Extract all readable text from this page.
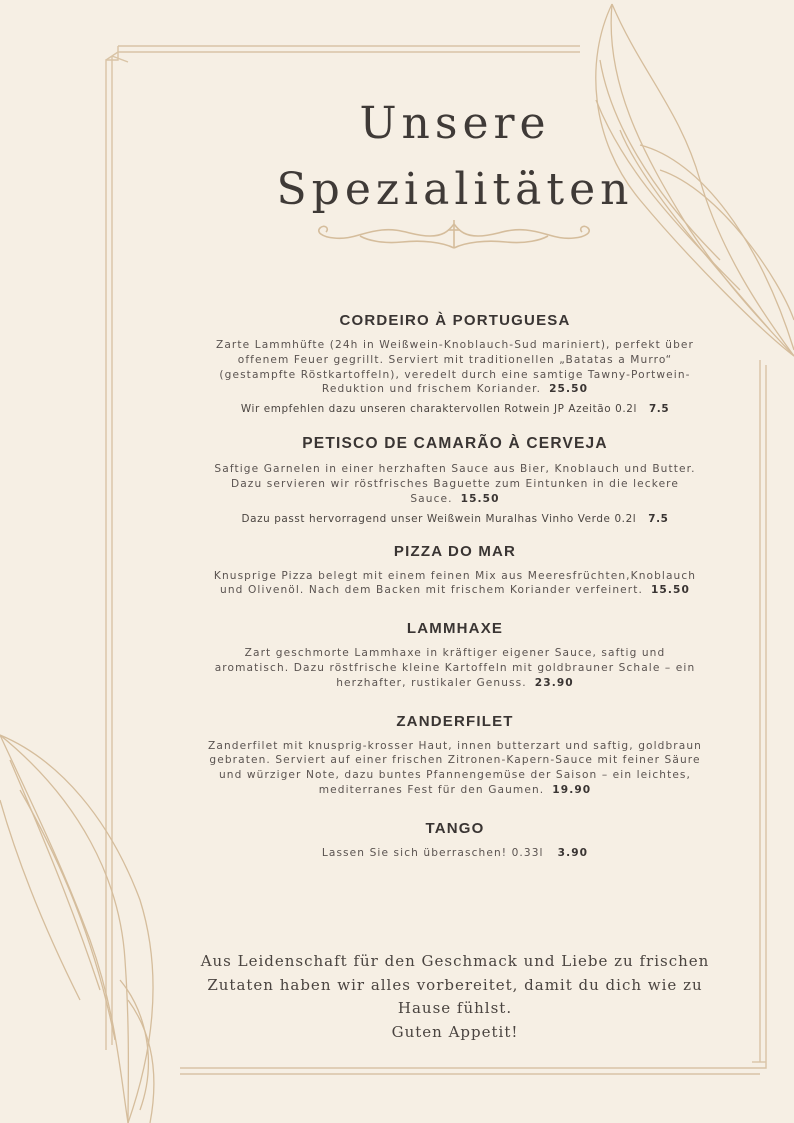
Unsere
Spezialitäten
CORDEIRO À PORTUGUESA

Zarte Lammhüfte (24h in Weißwein-Knoblauch-Sud mariniert), perfekt über offenem Feuer gegrillt. Serviert mit traditionellen „Batatas a Murro“ (gestampfte Röstkartoffeln), veredelt durch eine samtige Tawny-Portwein-Reduktion und frischem Koriander. 25.50

Wir empfehlen dazu unseren charaktervollen Rotwein JP Azeitão 0.2l 7.5

PETISCO DE CAMARÃO À CERVEJA

Saftige Garnelen in einer herzhaften Sauce aus Bier, Knoblauch und Butter. Dazu servieren wir röstfrisches Baguette zum Eintunken in die leckere Sauce. 15.50

Dazu passt hervorragend unser Weißwein Muralhas Vinho Verde 0.2l 7.5

PIZZA DO MAR

Knusprige Pizza belegt mit einem feinen Mix aus Meeresfrüchten,Knoblauch und Olivenöl. Nach dem Backen mit frischem Koriander verfeinert. 15.50

LAMMHAXE

Zart geschmorte Lammhaxe in kräftiger eigener Sauce, saftig und aromatisch. Dazu röstfrische kleine Kartoffeln mit goldbrauner Schale – ein herzhafter, rustikaler Genuss. 23.90

ZANDERFILET

Zanderfilet mit knusprig-krosser Haut, innen butterzart und saftig, goldbraun gebraten. Serviert auf einer frischen Zitronen-Kapern-Sauce mit feiner Säure und würziger Note, dazu buntes Pfannengemüse der Saison – ein leichtes, mediterranes Fest für den Gaumen. 19.90

TANGO

Lassen Sie sich überraschen! 0.33l 3.90

Aus Leidenschaft für den Geschmack und Liebe zu frischen
Zutaten haben wir alles vorbereitet, damit du dich wie zu
Hause fühlst.
Guten Appetit!
